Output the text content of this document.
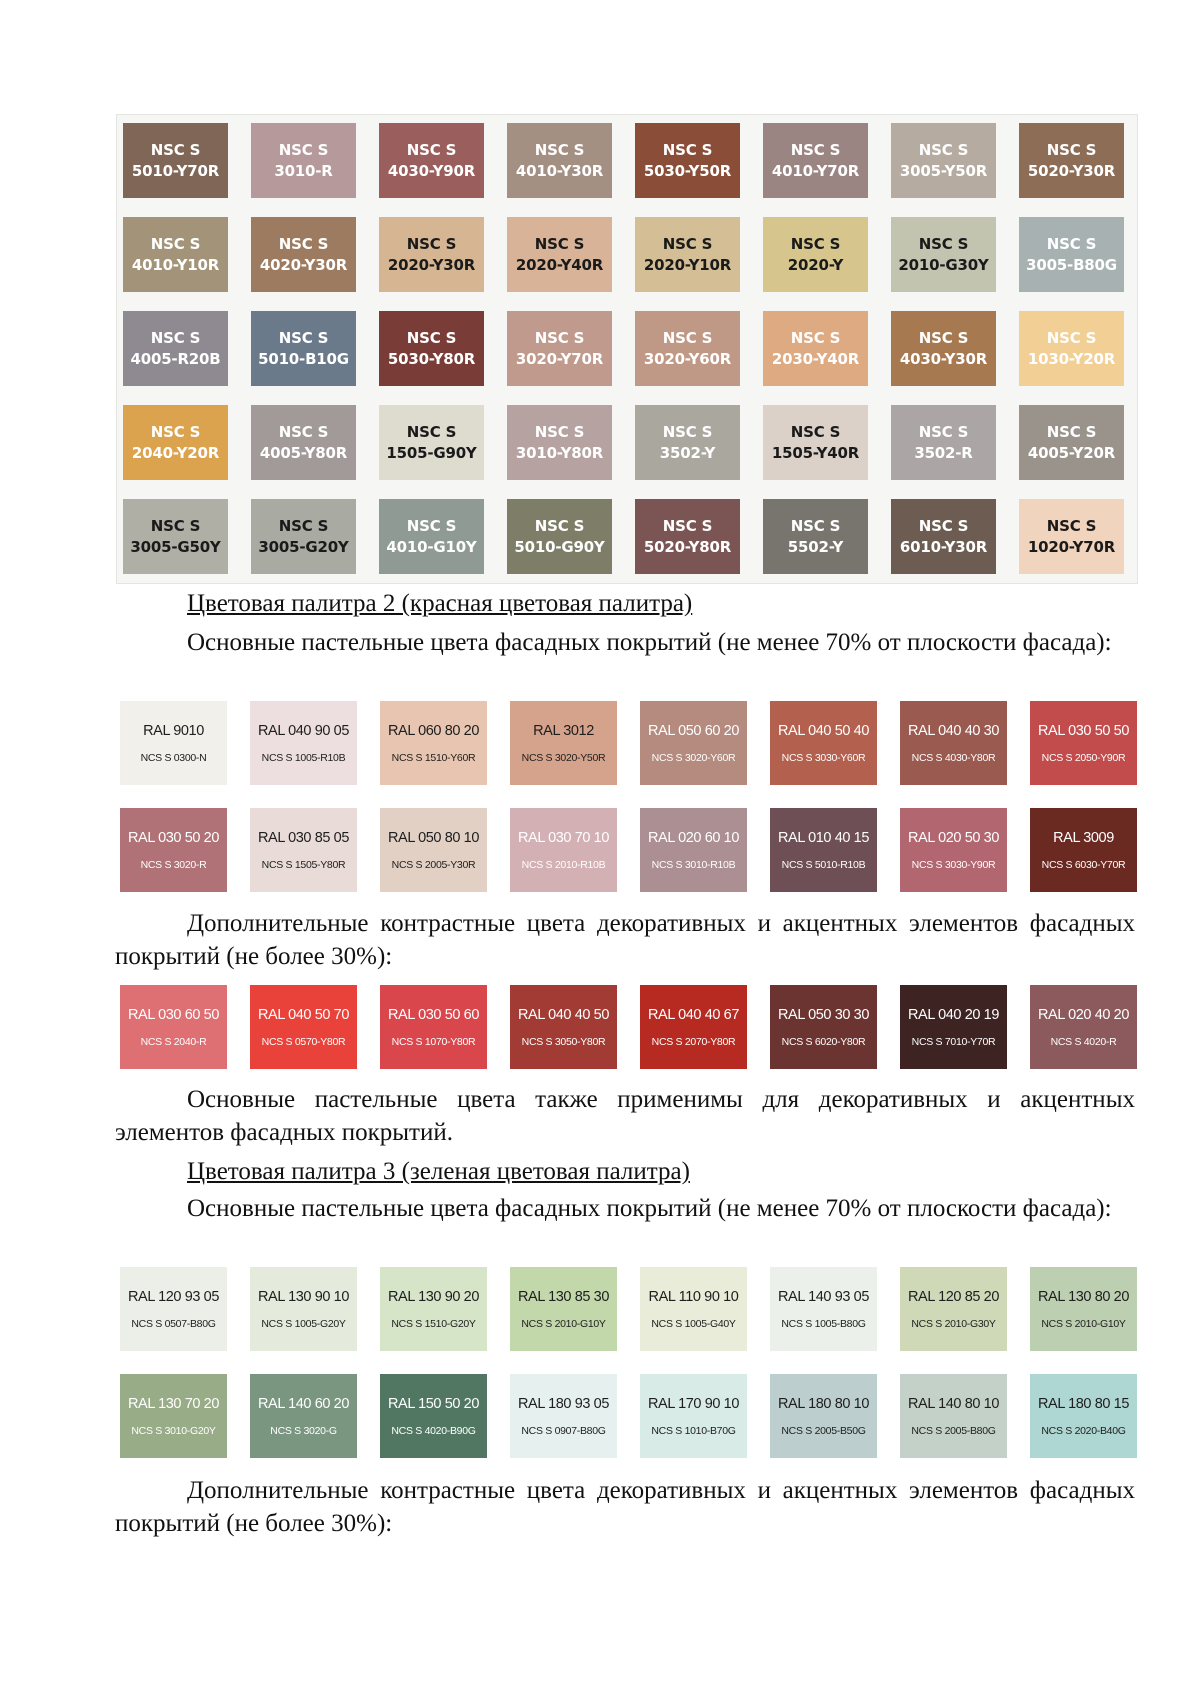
NSC S
5010-Y70R
NSC S
3010-R
NSC S
4030-Y90R
NSC S
4010-Y30R
NSC S
5030-Y50R
NSC S
4010-Y70R
NSC S
3005-Y50R
NSC S
5020-Y30R
NSC S
4010-Y10R
NSC S
4020-Y30R
NSC S
2020-Y30R
NSC S
2020-Y40R
NSC S
2020-Y10R
NSC S
2020-Y
NSC S
2010-G30Y
NSC S
3005-B80G
NSC S
4005-R20B
NSC S
5010-B10G
NSC S
5030-Y80R
NSC S
3020-Y70R
NSC S
3020-Y60R
NSC S
2030-Y40R
NSC S
4030-Y30R
NSC S
1030-Y20R
NSC S
2040-Y20R
NSC S
4005-Y80R
NSC S
1505-G90Y
NSC S
3010-Y80R
NSC S
3502-Y
NSC S
1505-Y40R
NSC S
3502-R
NSC S
4005-Y20R
NSC S
3005-G50Y
NSC S
3005-G20Y
NSC S
4010-G10Y
NSC S
5010-G90Y
NSC S
5020-Y80R
NSC S
5502-Y
NSC S
6010-Y30R
NSC S
1020-Y70R
Цветовая палитра 2 (красная цветовая палитра)
Основные пастельные цвета фасадных покрытий (не менее 70% от плоскости фасада):
RAL 9010
NCS S 0300-N
RAL 040 90 05
NCS S 1005-R10B
RAL 060 80 20
NCS S 1510-Y60R
RAL 3012
NCS S 3020-Y50R
RAL 050 60 20
NCS S 3020-Y60R
RAL 040 50 40
NCS S 3030-Y60R
RAL 040 40 30
NCS S 4030-Y80R
RAL 030 50 50
NCS S 2050-Y90R
RAL 030 50 20
NCS S 3020-R
RAL 030 85 05
NCS S 1505-Y80R
RAL 050 80 10
NCS S 2005-Y30R
RAL 030 70 10
NCS S 2010-R10B
RAL 020 60 10
NCS S 3010-R10B
RAL 010 40 15
NCS S 5010-R10B
RAL 020 50 30
NCS S 3030-Y90R
RAL 3009
NCS S 6030-Y70R
Дополнительные контрастные цвета декоративных и акцентных элементов фасадных покрытий (не более 30%):
RAL 030 60 50
NCS S 2040-R
RAL 040 50 70
NCS S 0570-Y80R
RAL 030 50 60
NCS S 1070-Y80R
RAL 040 40 50
NCS S 3050-Y80R
RAL 040 40 67
NCS S 2070-Y80R
RAL 050 30 30
NCS S 6020-Y80R
RAL 040 20 19
NCS S 7010-Y70R
RAL 020 40 20
NCS S 4020-R
Основные пастельные цвета также применимы для декоративных и акцентных элементов фасадных покрытий.
Цветовая палитра 3 (зеленая цветовая палитра)
Основные пастельные цвета фасадных покрытий (не менее 70% от плоскости фасада):
RAL 120 93 05
NCS S 0507-B80G
RAL 130 90 10
NCS S 1005-G20Y
RAL 130 90 20
NCS S 1510-G20Y
RAL 130 85 30
NCS S 2010-G10Y
RAL 110 90 10
NCS S 1005-G40Y
RAL 140 93 05
NCS S 1005-B80G
RAL 120 85 20
NCS S 2010-G30Y
RAL 130 80 20
NCS S 2010-G10Y
RAL 130 70 20
NCS S 3010-G20Y
RAL 140 60 20
NCS S 3020-G
RAL 150 50 20
NCS S 4020-B90G
RAL 180 93 05
NCS S 0907-B80G
RAL 170 90 10
NCS S 1010-B70G
RAL 180 80 10
NCS S 2005-B50G
RAL 140 80 10
NCS S 2005-B80G
RAL 180 80 15
NCS S 2020-B40G
Дополнительные контрастные цвета декоративных и акцентных элементов фасадных покрытий (не более 30%):
